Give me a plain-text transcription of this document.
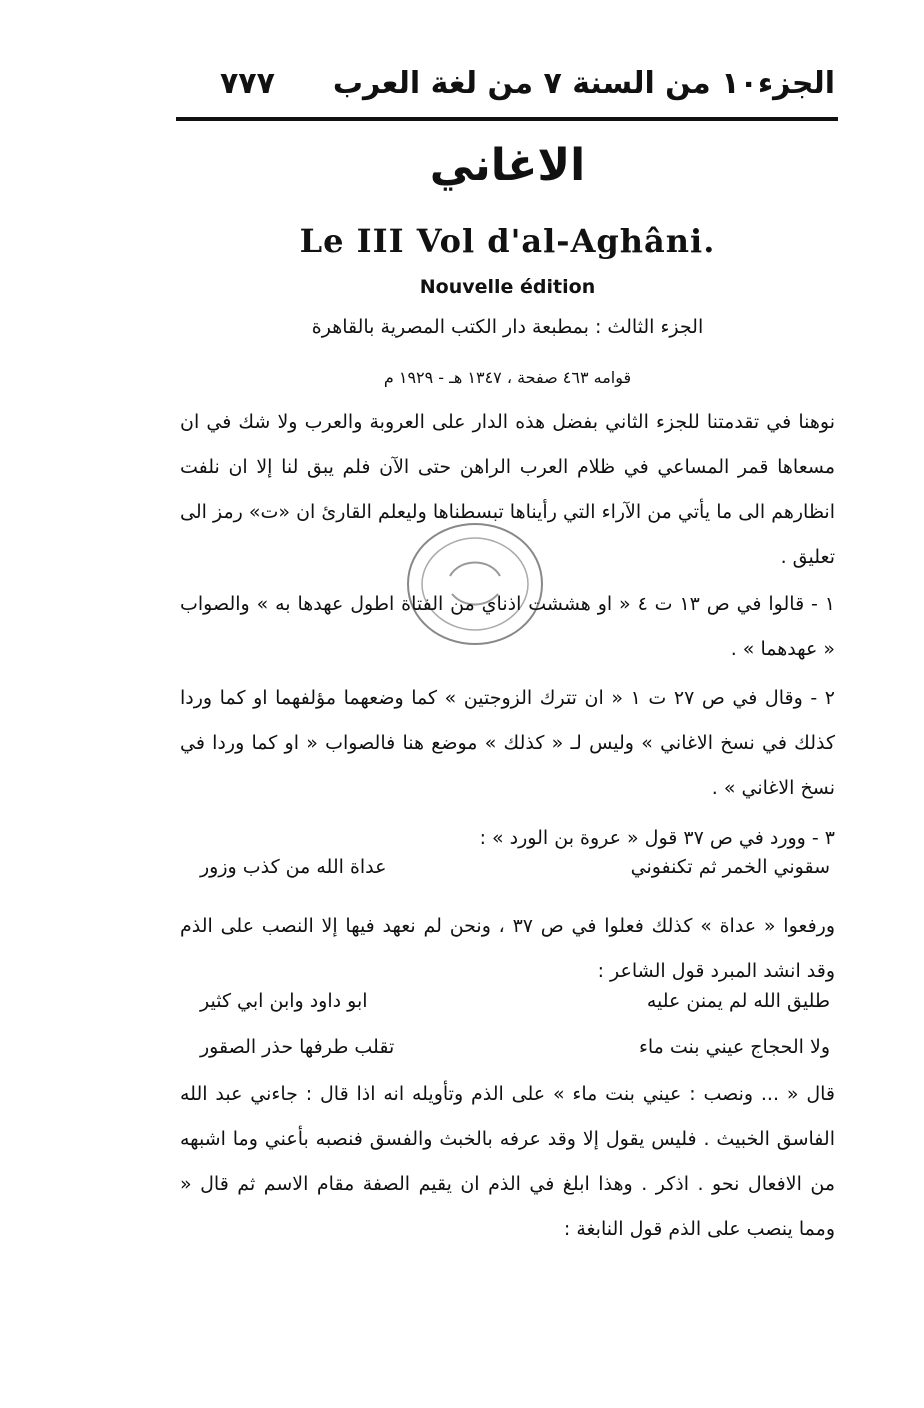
٧٧٧ الجزء١٠ من السنة ٧ من لغة العرب
الاغاني
Le III Vol d'al-Aghâni.
Nouvelle édition
الجزء الثالث : بمطبعة دار الكتب المصرية بالقاهرة
قوامه ٤٦٣ صفحة ، ١٣٤٧ هـ - ١٩٢٩ م
نوهنا في تقدمتنا للجزء الثاني بفضل هذه الدار على العروبة والعرب ولا شك في ان مسعاها قمر المساعي في ظلام العرب الراهن حتى الآن فلم يبق لنا إلا ان نلفت انظارهم الى ما يأتي من الآراء التي رأيناها تبسطناها وليعلم القارئ ان «ت» رمز الى تعليق .
١ - قالوا في ص ١٣ ت ٤ « او هششت اذناي من الفتاة اطول عهدها به » والصواب « عهدهما » .
٢ - وقال في ص ٢٧ ت ١ « ان تترك الزوجتين » كما وضعهما مؤلفهما او كما وردا كذلك في نسخ الاغاني » وليس لـ « كذلك » موضع هنا فالصواب « او كما وردا في نسخ الاغاني » .
٣ - وورد في ص ٣٧ قول « عروة بن الورد » :
سقوني الخمر ثم تكنفوني
عداة الله من كذب وزور
ورفعوا « عداة » كذلك فعلوا في ص ٣٧ ، ونحن لم نعهد فيها إلا النصب على الذم وقد انشد المبرد قول الشاعر :
طليق الله لم يمنن عليه
ابو داود وابن ابي كثير
ولا الحجاج عيني بنت ماء
تقلب طرفها حذر الصقور
قال « ... ونصب : عيني بنت ماء » على الذم وتأويله انه اذا قال : جاءني عبد الله الفاسق الخبيث . فليس يقول إلا وقد عرفه بالخبث والفسق فنصبه بأعني وما اشبهه من الافعال نحو . اذكر . وهذا ابلغ في الذم ان يقيم الصفة مقام الاسم ثم قال « ومما ينصب على الذم قول النابغة :
